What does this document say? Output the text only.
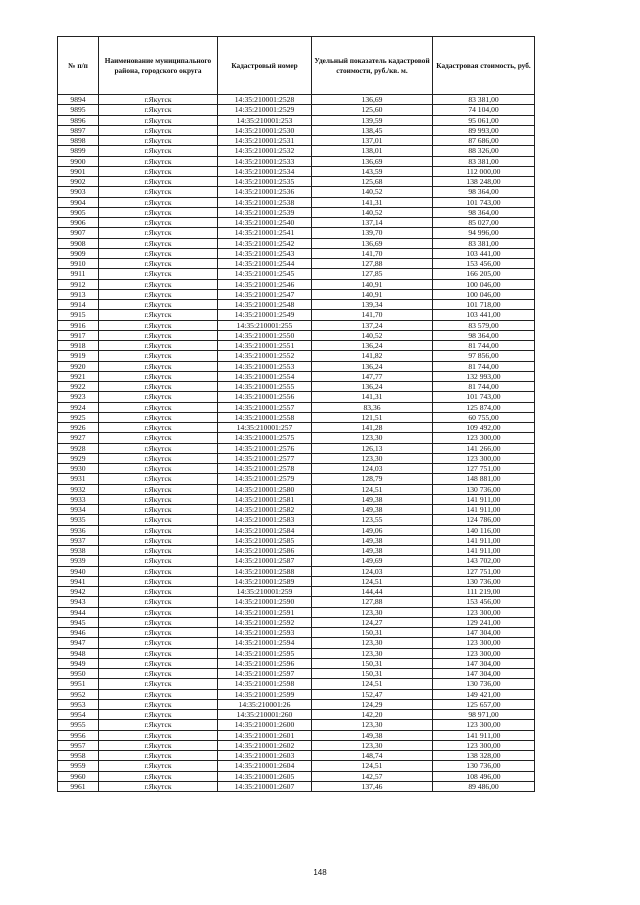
№ п/п	Наименование муниципального района, городского округа	Кадастровый номер	Удельный показатель кадастровой стоимости, руб./кв. м.	Кадастровая стоимость, руб.
9894	г.Якутск	14:35:210001:2528	136,69	83 381,00
9895	г.Якутск	14:35:210001:2529	125,60	74 104,00
9896	г.Якутск	14:35:210001:253	139,59	95 061,00
9897	г.Якутск	14:35:210001:2530	138,45	89 993,00
9898	г.Якутск	14:35:210001:2531	137,01	87 686,00
9899	г.Якутск	14:35:210001:2532	138,01	88 326,00
9900	г.Якутск	14:35:210001:2533	136,69	83 381,00
9901	г.Якутск	14:35:210001:2534	143,59	112 000,00
9902	г.Якутск	14:35:210001:2535	125,68	138 248,00
9903	г.Якутск	14:35:210001:2536	140,52	98 364,00
9904	г.Якутск	14:35:210001:2538	141,31	101 743,00
9905	г.Якутск	14:35:210001:2539	140,52	98 364,00
9906	г.Якутск	14:35:210001:2540	137,14	85 027,00
9907	г.Якутск	14:35:210001:2541	139,70	94 996,00
9908	г.Якутск	14:35:210001:2542	136,69	83 381,00
9909	г.Якутск	14:35:210001:2543	141,70	103 441,00
9910	г.Якутск	14:35:210001:2544	127,88	153 456,00
9911	г.Якутск	14:35:210001:2545	127,85	166 205,00
9912	г.Якутск	14:35:210001:2546	140,91	100 046,00
9913	г.Якутск	14:35:210001:2547	140,91	100 046,00
9914	г.Якутск	14:35:210001:2548	139,34	101 718,00
9915	г.Якутск	14:35:210001:2549	141,70	103 441,00
9916	г.Якутск	14:35:210001:255	137,24	83 579,00
9917	г.Якутск	14:35:210001:2550	140,52	98 364,00
9918	г.Якутск	14:35:210001:2551	136,24	81 744,00
9919	г.Якутск	14:35:210001:2552	141,82	97 856,00
9920	г.Якутск	14:35:210001:2553	136,24	81 744,00
9921	г.Якутск	14:35:210001:2554	147,77	132 993,00
9922	г.Якутск	14:35:210001:2555	136,24	81 744,00
9923	г.Якутск	14:35:210001:2556	141,31	101 743,00
9924	г.Якутск	14:35:210001:2557	83,36	125 874,00
9925	г.Якутск	14:35:210001:2558	121,51	60 755,00
9926	г.Якутск	14:35:210001:257	141,28	109 492,00
9927	г.Якутск	14:35:210001:2575	123,30	123 300,00
9928	г.Якутск	14:35:210001:2576	126,13	141 266,00
9929	г.Якутск	14:35:210001:2577	123,30	123 300,00
9930	г.Якутск	14:35:210001:2578	124,03	127 751,00
9931	г.Якутск	14:35:210001:2579	128,79	148 881,00
9932	г.Якутск	14:35:210001:2580	124,51	130 736,00
9933	г.Якутск	14:35:210001:2581	149,38	141 911,00
9934	г.Якутск	14:35:210001:2582	149,38	141 911,00
9935	г.Якутск	14:35:210001:2583	123,55	124 786,00
9936	г.Якутск	14:35:210001:2584	149,06	140 116,00
9937	г.Якутск	14:35:210001:2585	149,38	141 911,00
9938	г.Якутск	14:35:210001:2586	149,38	141 911,00
9939	г.Якутск	14:35:210001:2587	149,69	143 702,00
9940	г.Якутск	14:35:210001:2588	124,03	127 751,00
9941	г.Якутск	14:35:210001:2589	124,51	130 736,00
9942	г.Якутск	14:35:210001:259	144,44	111 219,00
9943	г.Якутск	14:35:210001:2590	127,88	153 456,00
9944	г.Якутск	14:35:210001:2591	123,30	123 300,00
9945	г.Якутск	14:35:210001:2592	124,27	129 241,00
9946	г.Якутск	14:35:210001:2593	150,31	147 304,00
9947	г.Якутск	14:35:210001:2594	123,30	123 300,00
9948	г.Якутск	14:35:210001:2595	123,30	123 300,00
9949	г.Якутск	14:35:210001:2596	150,31	147 304,00
9950	г.Якутск	14:35:210001:2597	150,31	147 304,00
9951	г.Якутск	14:35:210001:2598	124,51	130 736,00
9952	г.Якутск	14:35:210001:2599	152,47	149 421,00
9953	г.Якутск	14:35:210001:26	124,29	125 657,00
9954	г.Якутск	14:35:210001:260	142,20	98 971,00
9955	г.Якутск	14:35:210001:2600	123,30	123 300,00
9956	г.Якутск	14:35:210001:2601	149,38	141 911,00
9957	г.Якутск	14:35:210001:2602	123,30	123 300,00
9958	г.Якутск	14:35:210001:2603	148,74	138 328,00
9959	г.Якутск	14:35:210001:2604	124,51	130 736,00
9960	г.Якутск	14:35:210001:2605	142,57	108 496,00
9961	г.Якутск	14:35:210001:2607	137,46	89 486,00
148
